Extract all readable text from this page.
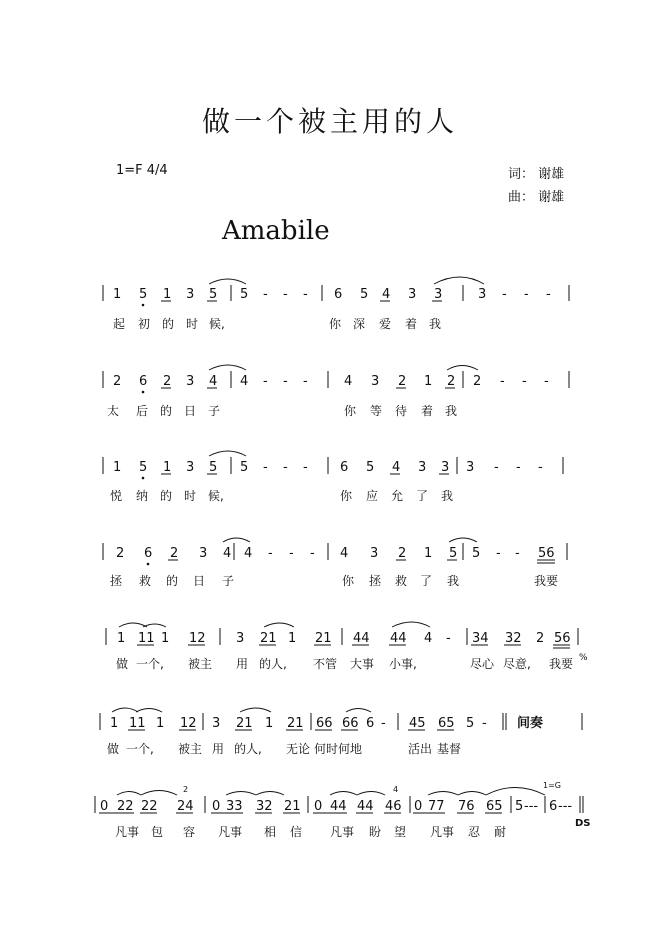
做一个被主用的人
1=F 4/4	词： 谢雄
曲： 谢雄
Amabile
1 5 1 3 5 5 - - - 6 5 4 3 3	3 - - -
起 初 的 时 候,	你 深 爱 着 我
2 6 2 3 4 4 - - -	4 3 2 1 2 2 - - -
太 后 的 日 子	你 等 待 着 我
1 5 1 3 5 5 - - - 6 5 4 3 3 3 - - -
悦 纳 的 时 候,	你 应 允 了 我
2 6 2 3 4 4 - - - 4 3 2 1 5 5 - - 56
拯 救 的 日 子	你 拯 救 了 我	我要
1 11 1 12 3 21 1 21 44 44 4 - 34 32 2 56
%
做 一个, 被主 用 的人, 不管 大事 小事,	尽心 尽意, 我要
1 11 1 12 3 21 1 21 66 66 6 - 45 65 5 - 间奏
做 一个, 被主 用 的人, 无论 何时何地	活出 基督
0 22 22 24 0 33 32 21 0 44 44 46 0 77 76 65 5 --- 6 ---
2	4	1=G
DS
凡事 包 容 凡事 相 信 凡事 盼 望 凡事 忍 耐
